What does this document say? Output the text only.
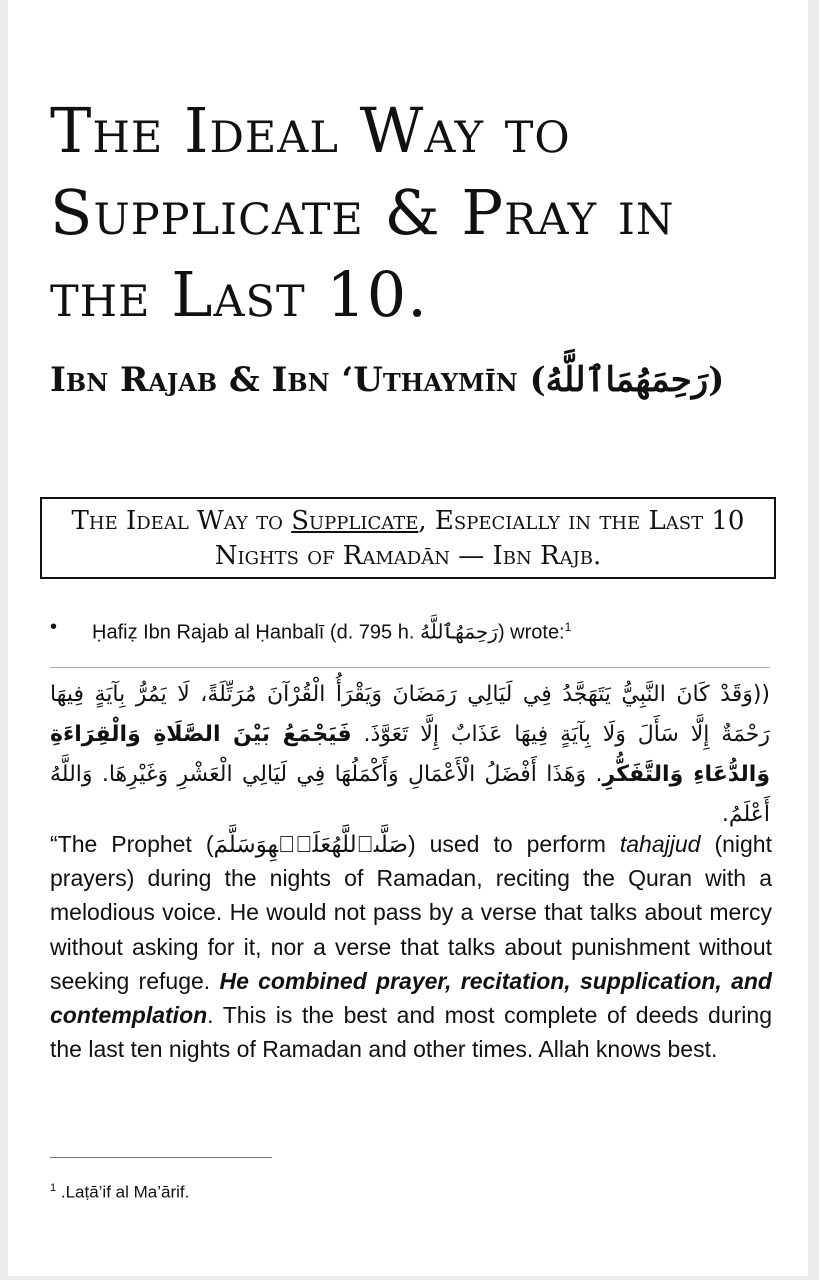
The Ideal Way to Supplicate & Pray in the Last 10.
Ibn Rajab & Ibn ‘Uthaymīn (رَحِمَهُمَاٱللَّهُ)
The Ideal Way to Supplicate, Especially in the Last 10 Nights of Ramadān — Ibn Rajb.
• Ḥafiẓ Ibn Rajab al Ḥanbalī (d. 795 h. رَحِمَهُٱللَّهُ) wrote:$^1$

((وَقَدْ كَانَ النَّبِيُّ يَتَهَجَّدُ فِي لَيَالِي رَمَضَانَ وَيَقْرَأُ الْقُرْآنَ مُرَتِّلَةً، لَا يَمُرُّ بِآيَةٍ فِيهَا رَحْمَةٌ إِلَّا سَأَلَ وَلَا بِآيَةٍ فِيهَا عَذَابٌ إِلَّا تَعَوَّذَ. فَيَجْمَعُ بَيْنَ الصَّلَاةِ وَالْقِرَاءَةِ وَالدُّعَاءِ وَالتَّفَكُّرِ. وَهَذَا أَفْضَلُ الْأَعْمَالِ وَأَكْمَلُهَا فِي لَيَالِي الْعَشْرِ وَغَيْرِهَا. وَاللَّهُ أَعْلَمُ.

“The Prophet (صَلَّىٱللَّهُعَلَيۡهِوَسَلَّمَ) used to perform tahajjud (night prayers) during the nights of Ramadan, reciting the Quran with a melodious voice. He would not pass by a verse that talks about mercy without asking for it, nor a verse that talks about punishment without seeking refuge. He combined prayer, recitation, supplication, and contemplation. This is the best and most complete of deeds during the last ten nights of Ramadan and other times. Allah knows best.

$^1$ .Laṭā’if al Ma’ārif.
